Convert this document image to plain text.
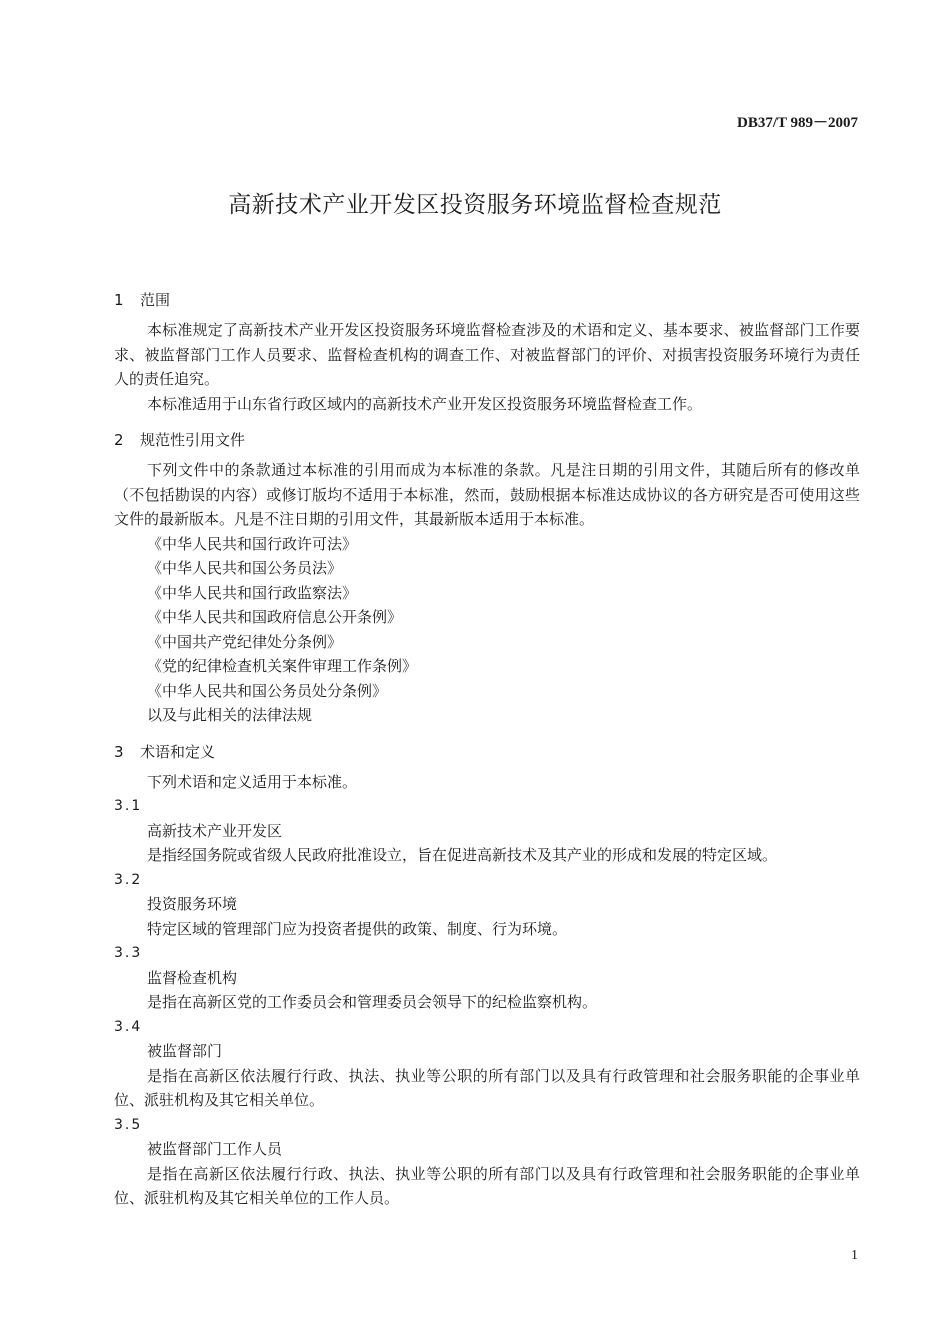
DB37/T 989－2007
高新技术产业开发区投资服务环境监督检查规范
1 范围

本标准规定了高新技术产业开发区投资服务环境监督检查涉及的术语和定义、基本要求、被监督部门工作要求、被监督部门工作人员要求、监督检查机构的调查工作、对被监督部门的评价、对损害投资服务环境行为责任人的责任追究。

本标准适用于山东省行政区域内的高新技术产业开发区投资服务环境监督检查工作。

2 规范性引用文件

下列文件中的条款通过本标准的引用而成为本标准的条款。凡是注日期的引用文件，其随后所有的修改单（不包括勘误的内容）或修订版均不适用于本标准，然而，鼓励根据本标准达成协议的各方研究是否可使用这些文件的最新版本。凡是不注日期的引用文件，其最新版本适用于本标准。

《中华人民共和国行政许可法》
《中华人民共和国公务员法》
《中华人民共和国行政监察法》
《中华人民共和国政府信息公开条例》
《中国共产党纪律处分条例》
《党的纪律检查机关案件审理工作条例》
《中华人民共和国公务员处分条例》
以及与此相关的法律法规
3 术语和定义

下列术语和定义适用于本标准。

3.1
高新技术产业开发区

是指经国务院或省级人民政府批准设立，旨在促进高新技术及其产业的形成和发展的特定区域。

3.2
投资服务环境

特定区域的管理部门应为投资者提供的政策、制度、行为环境。

3.3
监督检查机构

是指在高新区党的工作委员会和管理委员会领导下的纪检监察机构。

3.4
被监督部门

是指在高新区依法履行行政、执法、执业等公职的所有部门以及具有行政管理和社会服务职能的企事业单位、派驻机构及其它相关单位。

3.5
被监督部门工作人员

是指在高新区依法履行行政、执法、执业等公职的所有部门以及具有行政管理和社会服务职能的企事业单位、派驻机构及其它相关单位的工作人员。

1
